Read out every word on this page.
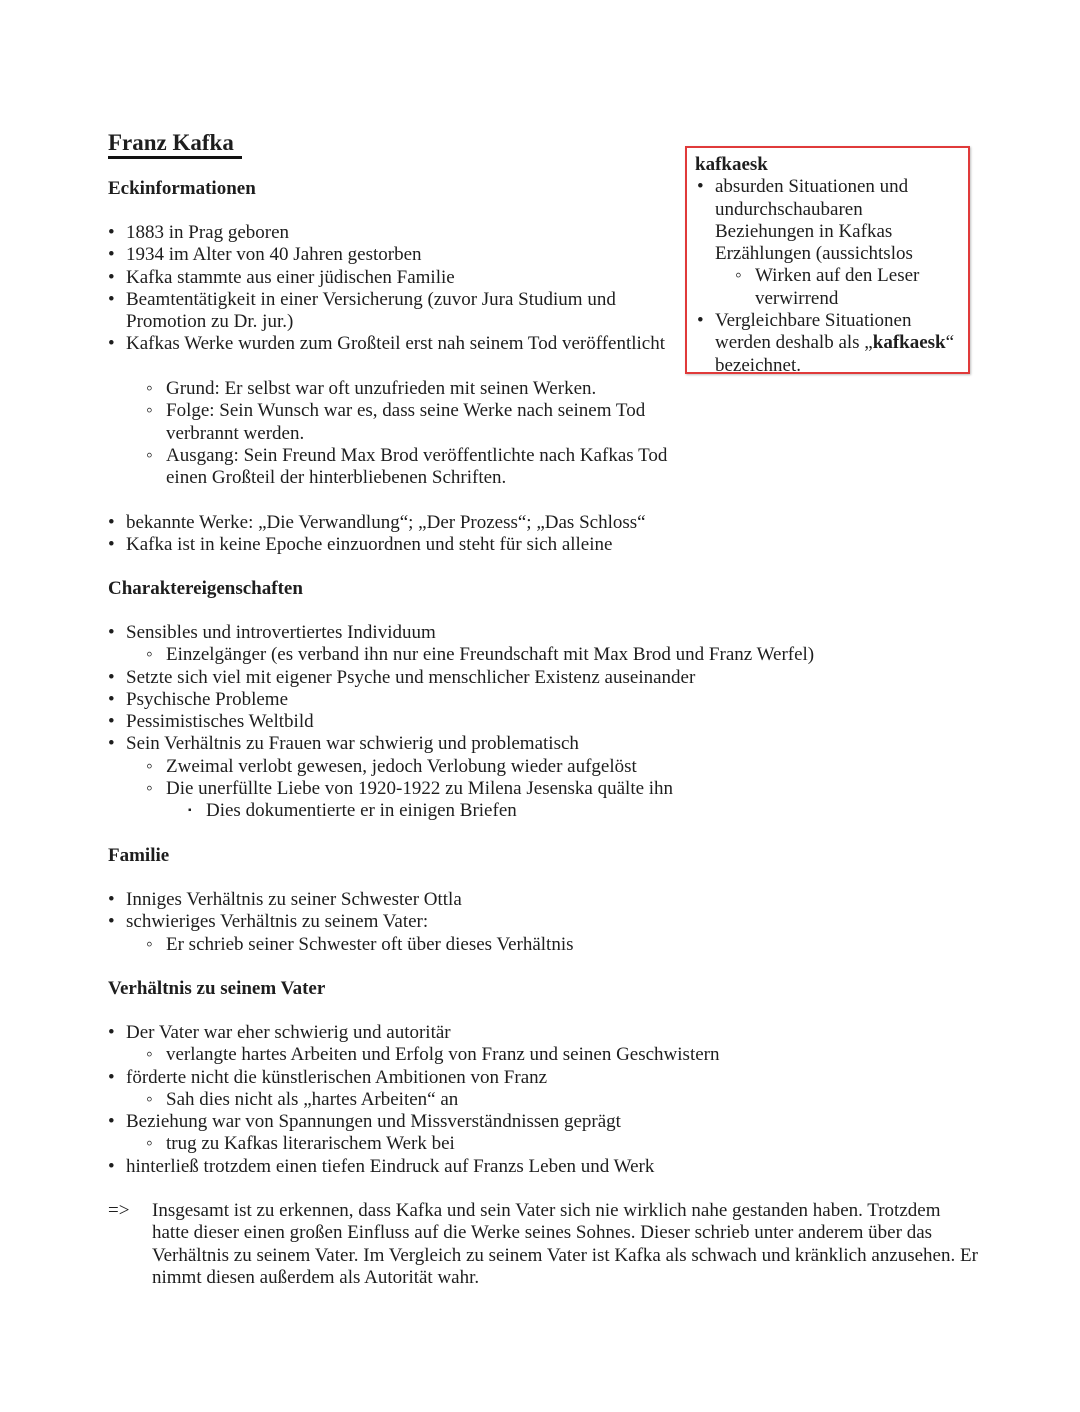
Franz Kafka

Eckinformationen

• 1883 in Prag geboren
• 1934 im Alter von 40 Jahren gestorben
• Kafka stammte aus einer jüdischen Familie
• Beamtentätigkeit in einer Versicherung (zuvor Jura Studium und Promotion zu Dr. jur.)
• Kafkas Werke wurden zum Großteil erst nah seinem Tod veröffentlicht
◦ Grund: Er selbst war oft unzufrieden mit seinen Werken.
◦ Folge: Sein Wunsch war es, dass seine Werke nach seinem Tod verbrannt werden.
◦ Ausgang: Sein Freund Max Brod veröffentlichte nach Kafkas Tod einen Großteil der hinterbliebenen Schriften.
• bekannte Werke: „Die Verwandlung“; „Der Prozess“; „Das Schloss“
• Kafka ist in keine Epoche einzuordnen und steht für sich alleine

Charaktereigenschaften

• Sensibles und introvertiertes Individuum
◦ Einzelgänger (es verband ihn nur eine Freundschaft mit Max Brod und Franz Werfel)
• Setzte sich viel mit eigener Psyche und menschlicher Existenz auseinander
• Psychische Probleme
• Pessimistisches Weltbild
• Sein Verhältnis zu Frauen war schwierig und problematisch
◦ Zweimal verlobt gewesen, jedoch Verlobung wieder aufgelöst
◦ Die unerfüllte Liebe von 1920-1922 zu Milena Jesenska quälte ihn
▪ Dies dokumentierte er in einigen Briefen

Familie

• Inniges Verhältnis zu seiner Schwester Ottla
• schwieriges Verhältnis zu seinem Vater:
◦ Er schrieb seiner Schwester oft über dieses Verhältnis

Verhältnis zu seinem Vater

• Der Vater war eher schwierig und autoritär
◦ verlangte hartes Arbeiten und Erfolg von Franz und seinen Geschwistern
• förderte nicht die künstlerischen Ambitionen von Franz
◦ Sah dies nicht als „hartes Arbeiten“ an
• Beziehung war von Spannungen und Missverständnissen geprägt
◦ trug zu Kafkas literarischem Werk bei
• hinterließ trotzdem einen tiefen Eindruck auf Franzs Leben und Werk
=> Insgesamt ist zu erkennen, dass Kafka und sein Vater sich nie wirklich nahe gestanden haben. Trotzdem hatte dieser einen großen Einfluss auf die Werke seines Sohnes. Dieser schrieb unter anderem über das Verhältnis zu seinem Vater. Im Vergleich zu seinem Vater ist Kafka als schwach und kränklich anzusehen. Er nimmt diesen außerdem als Autorität wahr.

kafkaesk

• absurden Situationen und undurchschaubaren Beziehungen in Kafkas Erzählungen (aussichtslos
◦ Wirken auf den Leser verwirrend
• Vergleichbare Situationen werden deshalb als „kafkaesk“ bezeichnet.
